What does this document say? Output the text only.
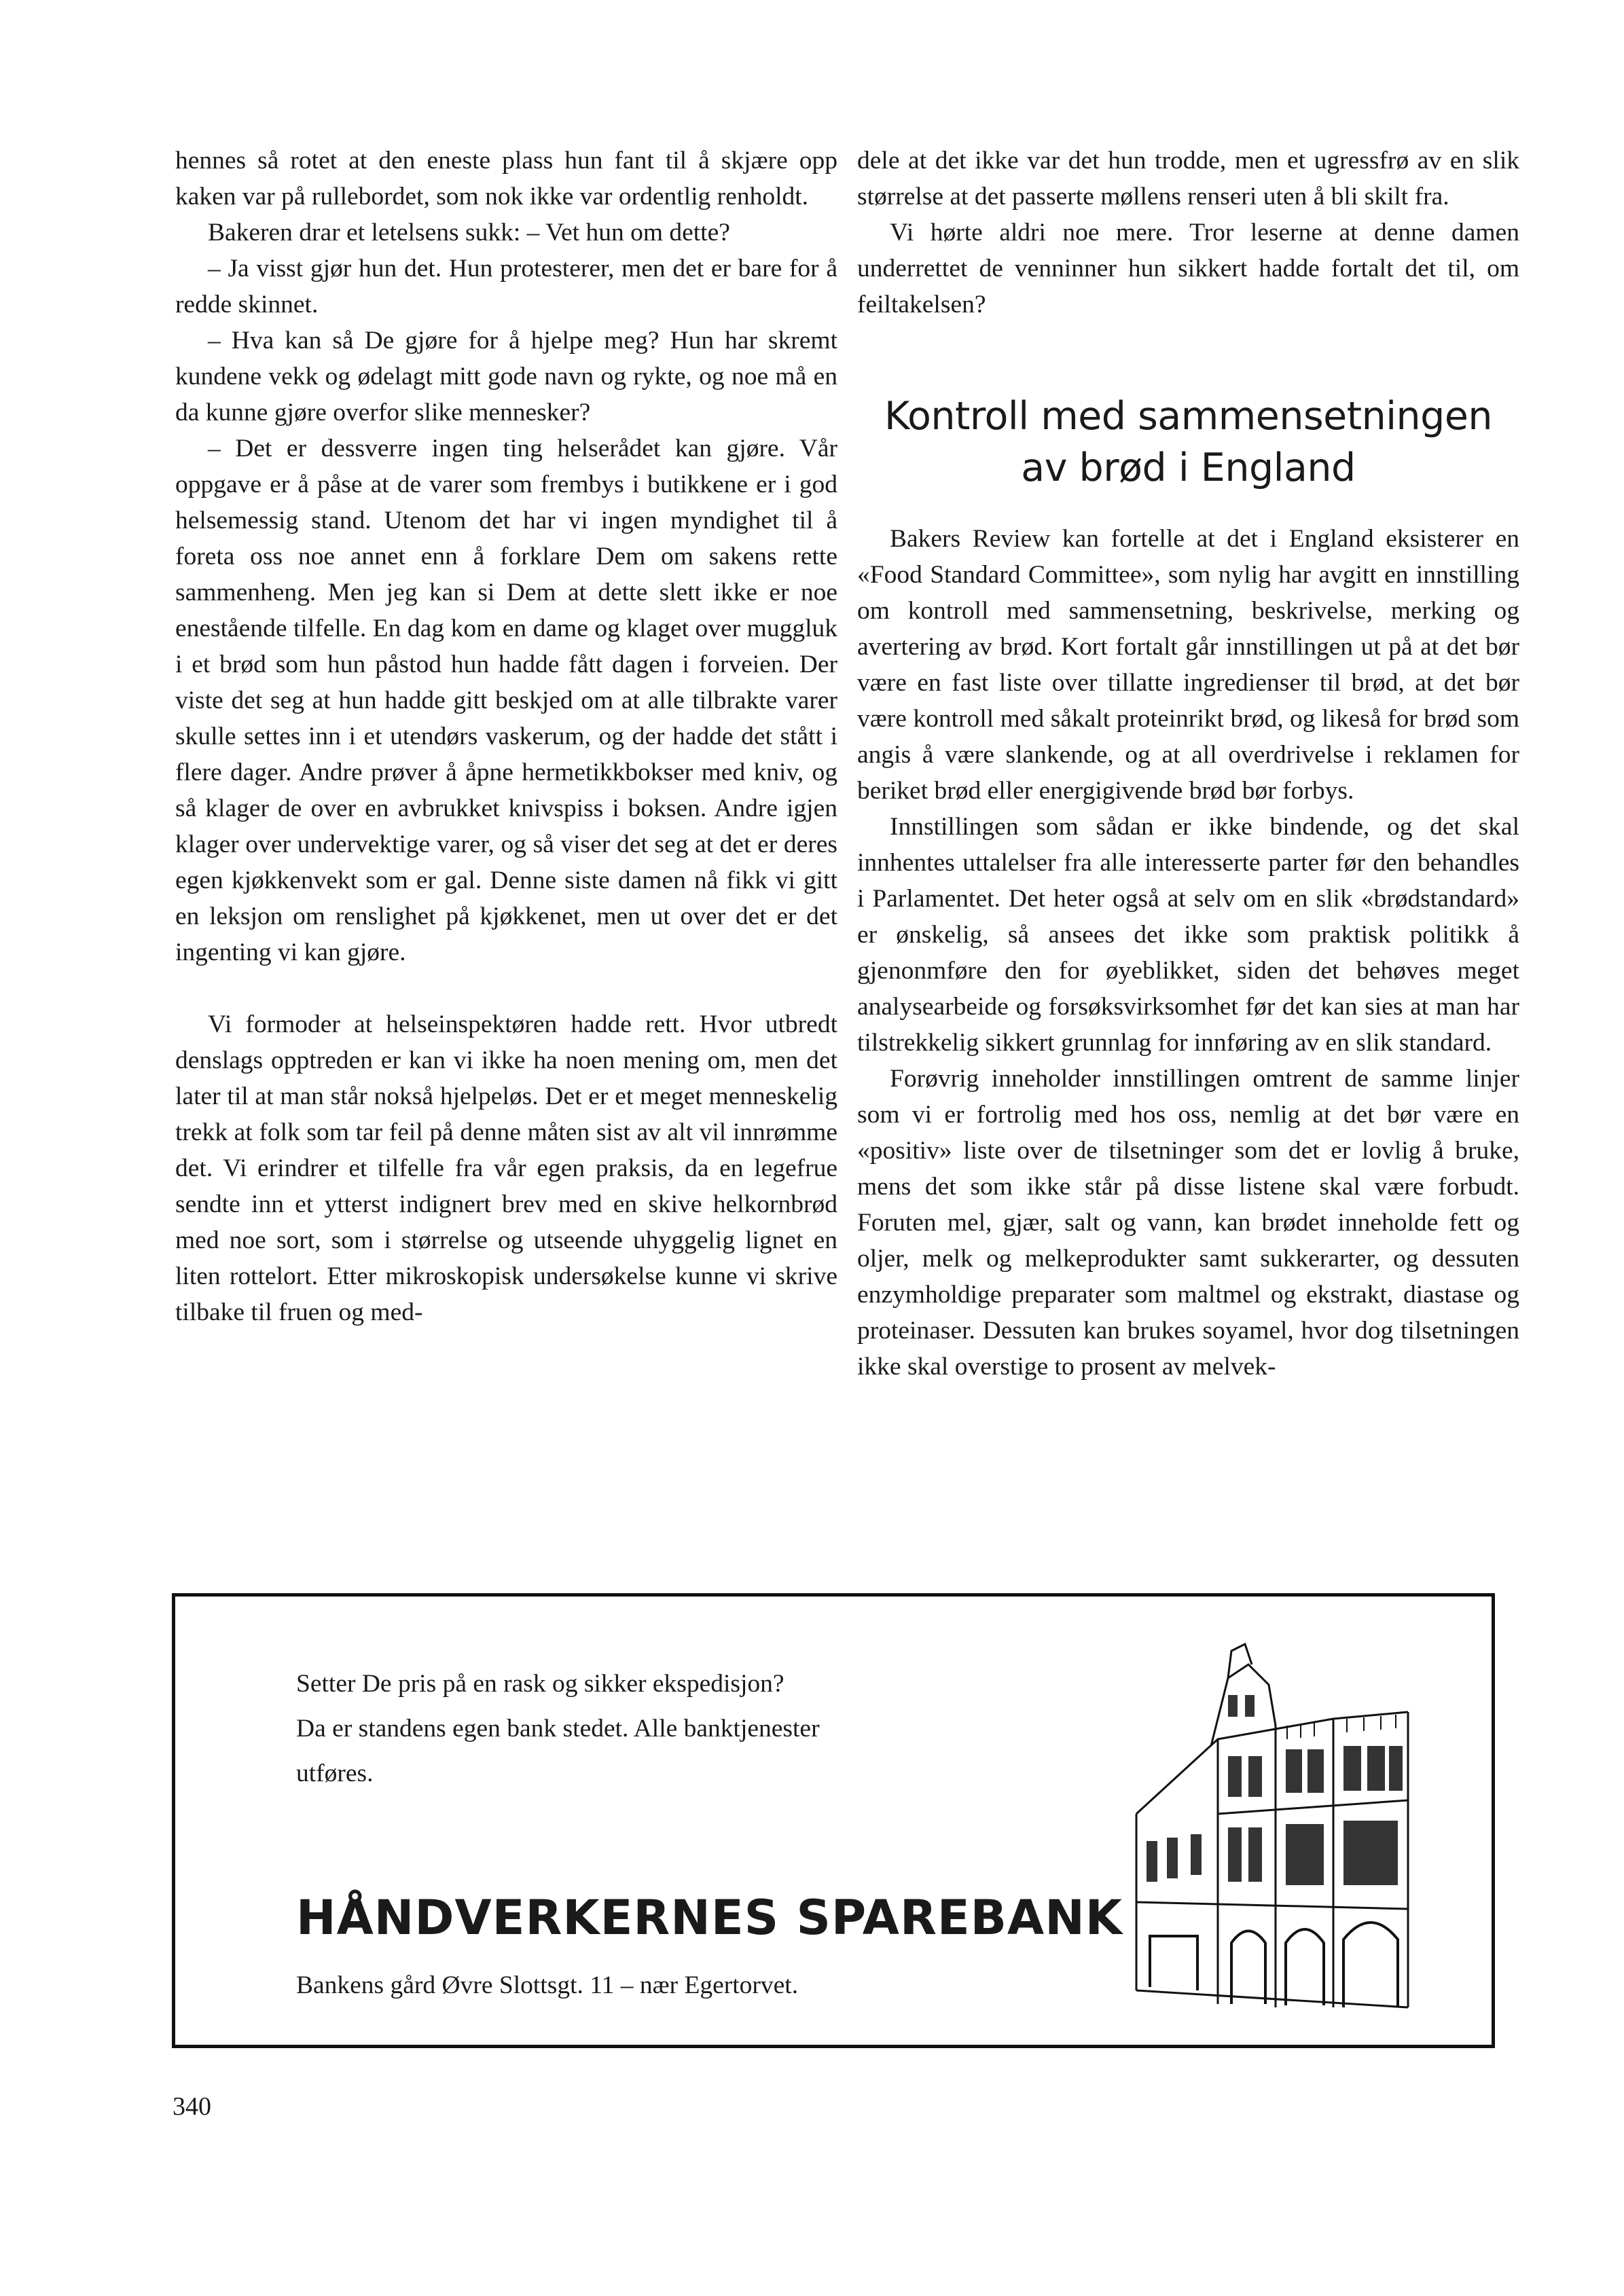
hennes så rotet at den eneste plass hun fant til å skjære opp kaken var på rullebordet, som nok ikke var ordentlig renholdt.

Bakeren drar et letelsens sukk: – Vet hun om dette?

– Ja visst gjør hun det. Hun protesterer, men det er bare for å redde skinnet.

– Hva kan så De gjøre for å hjelpe meg? Hun har skremt kundene vekk og ødelagt mitt gode navn og rykte, og noe må en da kunne gjøre overfor slike mennesker?

– Det er dessverre ingen ting helserådet kan gjøre. Vår oppgave er å påse at de varer som frembys i butikkene er i god helsemessig stand. Utenom det har vi ingen myndighet til å foreta oss noe annet enn å forklare Dem om sakens rette sammenheng. Men jeg kan si Dem at dette slett ikke er noe enestående tilfelle. En dag kom en dame og klaget over muggluk i et brød som hun påstod hun hadde fått dagen i forveien. Der viste det seg at hun hadde gitt beskjed om at alle tilbrakte varer skulle settes inn i et utendørs vaskerum, og der hadde det stått i flere dager. Andre prøver å åpne hermetikkbokser med kniv, og så klager de over en avbrukket knivspiss i boksen. Andre igjen klager over undervektige varer, og så viser det seg at det er deres egen kjøkkenvekt som er gal. Denne siste damen nå fikk vi gitt en leksjon om renslighet på kjøkkenet, men ut over det er det ingenting vi kan gjøre.

Vi formoder at helseinspektøren hadde rett. Hvor utbredt denslags opptreden er kan vi ikke ha noen mening om, men det later til at man står nokså hjelpeløs. Det er et meget menneskelig trekk at folk som tar feil på denne måten sist av alt vil innrømme det. Vi erindrer et tilfelle fra vår egen praksis, da en legefrue sendte inn et ytterst indignert brev med en skive helkornbrød med noe sort, som i størrelse og utseende uhyggelig lignet en liten rottelort. Etter mikroskopisk undersøkelse kunne vi skrive tilbake til fruen og med-

dele at det ikke var det hun trodde, men et ugressfrø av en slik størrelse at det passerte møllens renseri uten å bli skilt fra.

Vi hørte aldri noe mere. Tror leserne at denne damen underrettet de venninner hun sikkert hadde fortalt det til, om feiltakelsen?

Kontroll med sammensetningen
av brød i England

Bakers Review kan fortelle at det i England eksisterer en «Food Standard Committee», som nylig har avgitt en innstilling om kontroll med sammensetning, beskrivelse, merking og avertering av brød. Kort fortalt går innstillingen ut på at det bør være en fast liste over tillatte ingredienser til brød, at det bør være kontroll med såkalt proteinrikt brød, og likeså for brød som angis å være slankende, og at all overdrivelse i reklamen for beriket brød eller energigivende brød bør forbys.

Innstillingen som sådan er ikke bindende, og det skal innhentes uttalelser fra alle interesserte parter før den behandles i Parlamentet. Det heter også at selv om en slik «brødstandard» er ønskelig, så ansees det ikke som praktisk politikk å gjenonmføre den for øyeblikket, siden det behøves meget analysearbeide og forsøksvirksomhet før det kan sies at man har tilstrekkelig sikkert grunnlag for innføring av en slik standard.

Forøvrig inneholder innstillingen omtrent de samme linjer som vi er fortrolig med hos oss, nemlig at det bør være en «positiv» liste over de tilsetninger som det er lovlig å bruke, mens det som ikke står på disse listene skal være forbudt. Foruten mel, gjær, salt og vann, kan brødet inneholde fett og oljer, melk og melkeprodukter samt sukkerarter, og dessuten enzymholdige preparater som maltmel og ekstrakt, diastase og proteinaser. Dessuten kan brukes soyamel, hvor dog tilsetningen ikke skal overstige to prosent av melvek-

Setter De pris på en rask og sikker ekspedisjon?

Da er standens egen bank stedet. Alle banktjenester

utføres.

HÅNDVERKERNES SPAREBANK
Bankens gård Øvre Slottsgt. 11 – nær Egertorvet.
340
